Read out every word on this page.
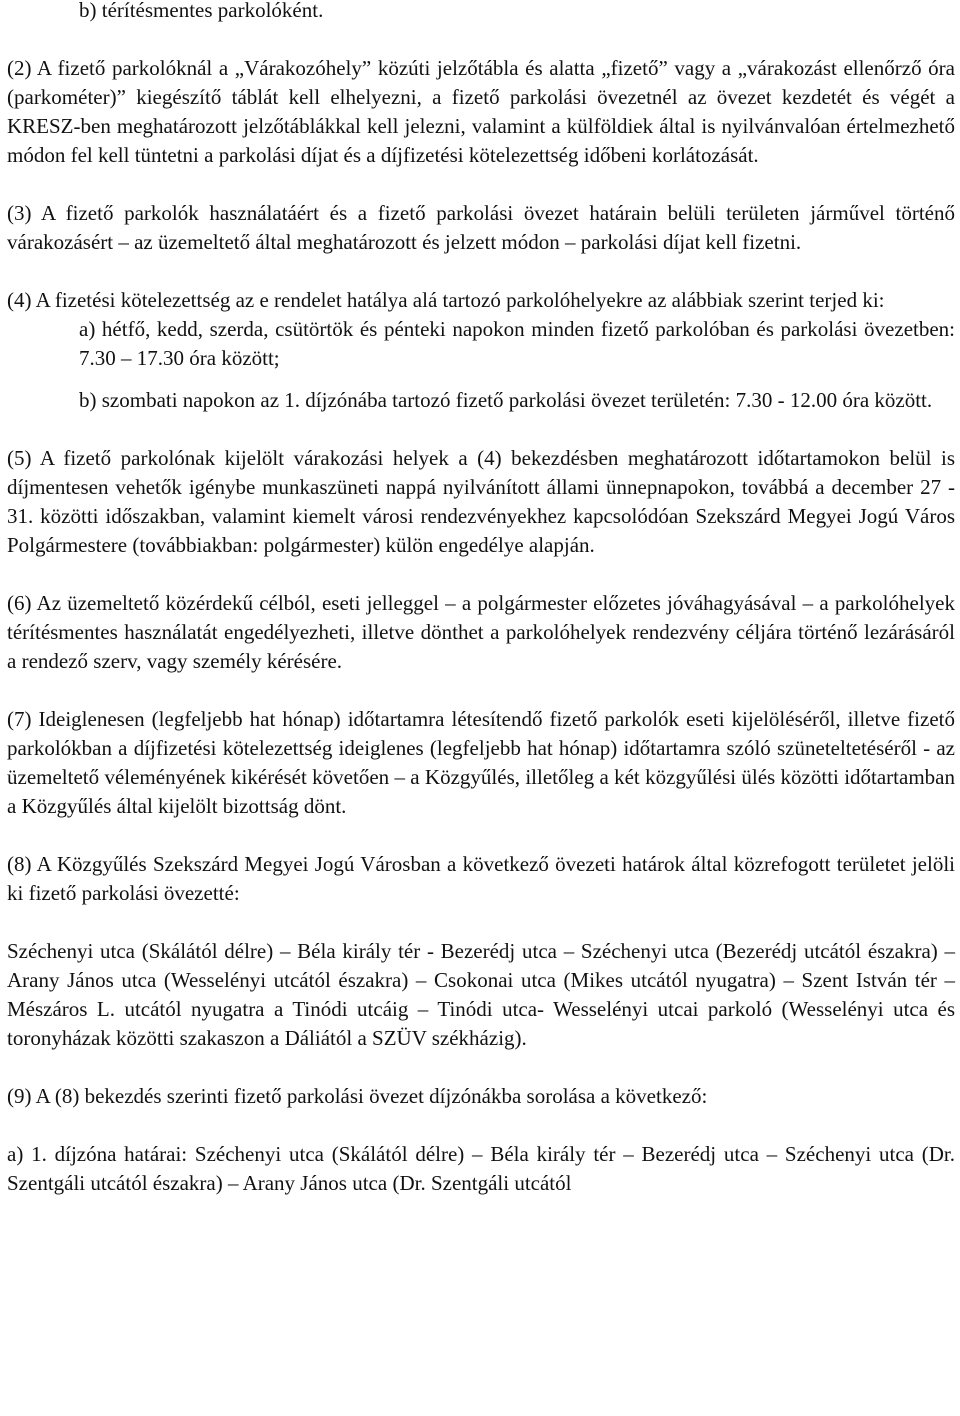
b) térítésmentes parkolóként.

(2) A fizető parkolóknál a „Várakozóhely” közúti jelzőtábla és alatta „fizető” vagy a „várakozást ellenőrző óra (parkométer)” kiegészítő táblát kell elhelyezni, a fizető parkolási övezetnél az övezet kezdetét és végét a KRESZ-ben meghatározott jelzőtáblákkal kell jelezni, valamint a külföldiek által is nyilvánvalóan értelmezhető módon fel kell tüntetni a parkolási díjat és a díjfizetési kötelezettség időbeni korlátozását.

(3) A fizető parkolók használatáért és a fizető parkolási övezet határain belüli területen járművel történő várakozásért – az üzemeltető által meghatározott és jelzett módon – parkolási díjat kell fizetni.

(4) A fizetési kötelezettség az e rendelet hatálya alá tartozó parkolóhelyekre az alábbiak szerint terjed ki:

a) hétfő, kedd, szerda, csütörtök és pénteki napokon minden fizető parkolóban és parkolási övezetben: 7.30 – 17.30 óra között;

b) szombati napokon az 1. díjzónába tartozó fizető parkolási övezet területén: 7.30 - 12.00 óra között.

(5) A fizető parkolónak kijelölt várakozási helyek a (4) bekezdésben meghatározott időtartamokon belül is díjmentesen vehetők igénybe munkaszüneti nappá nyilvánított állami ünnepnapokon, továbbá a december 27 - 31. közötti időszakban, valamint kiemelt városi rendezvényekhez kapcsolódóan Szekszárd Megyei Jogú Város Polgármestere (továbbiakban: polgármester) külön engedélye alapján.

(6) Az üzemeltető közérdekű célból, eseti jelleggel – a polgármester előzetes jóváhagyásával – a parkolóhelyek térítésmentes használatát engedélyezheti, illetve dönthet a parkolóhelyek rendezvény céljára történő lezárásáról a rendező szerv, vagy személy kérésére.

(7) Ideiglenesen (legfeljebb hat hónap) időtartamra létesítendő fizető parkolók eseti kijelöléséről, illetve fizető parkolókban a díjfizetési kötelezettség ideiglenes (legfeljebb hat hónap) időtartamra szóló szüneteltetéséről - az üzemeltető véleményének kikérését követően – a Közgyűlés, illetőleg a két közgyűlési ülés közötti időtartamban a Közgyűlés által kijelölt bizottság dönt.

(8) A Közgyűlés Szekszárd Megyei Jogú Városban a következő övezeti határok által közrefogott területet jelöli ki fizető parkolási övezetté:

Széchenyi utca (Skálától délre) – Béla király tér - Bezerédj utca – Széchenyi utca (Bezerédj utcától északra) – Arany János utca (Wesselényi utcától északra) – Csokonai utca (Mikes utcától nyugatra) – Szent István tér – Mészáros L. utcától nyugatra a Tinódi utcáig – Tinódi utca- Wesselényi utcai parkoló (Wesselényi utca és toronyházak közötti szakaszon a Dáliától a SZÜV székházig).

(9) A (8) bekezdés szerinti fizető parkolási övezet díjzónákba sorolása a következő:

a) 1. díjzóna határai: Széchenyi utca (Skálától délre) – Béla király tér – Bezerédj utca – Széchenyi utca (Dr. Szentgáli utcától északra) – Arany János utca (Dr. Szentgáli utcától
